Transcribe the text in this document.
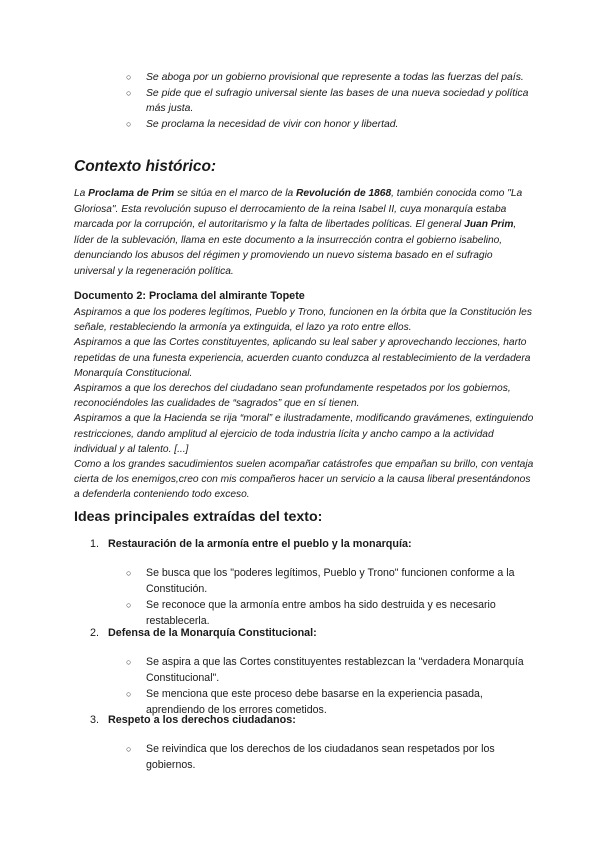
○ Se aboga por un gobierno provisional que represente a todas las fuerzas del país.
○ Se pide que el sufragio universal siente las bases de una nueva sociedad y política más justa.
○ Se proclama la necesidad de vivir con honor y libertad.
Contexto histórico:

La Proclama de Prim se sitúa en el marco de la Revolución de 1868, también conocida como "La Gloriosa". Esta revolución supuso el derrocamiento de la reina Isabel II, cuya monarquía estaba marcada por la corrupción, el autoritarismo y la falta de libertades políticas. El general Juan Prim, líder de la sublevación, llama en este documento a la insurrección contra el gobierno isabelino, denunciando los abusos del régimen y promoviendo un nuevo sistema basado en el sufragio universal y la regeneración política.

Documento 2: Proclama del almirante Topete

Aspiramos a que los poderes legítimos, Pueblo y Trono, funcionen en la órbita que la Constitución les señale, restableciendo la armonía ya extinguida, el lazo ya roto entre ellos.

Aspiramos a que las Cortes constituyentes, aplicando su leal saber y aprovechando lecciones, harto repetidas de una funesta experiencia, acuerden cuanto conduzca al restablecimiento de la verdadera Monarquía Constitucional.

Aspiramos a que los derechos del ciudadano sean profundamente respetados por los gobiernos, reconociéndoles las cualidades de “sagrados” que en sí tienen.

Aspiramos a que la Hacienda se rija “moral” e ilustradamente, modificando gravámenes, extinguiendo restricciones, dando amplitud al ejercicio de toda industria lícita y ancho campo a la actividad individual y al talento. [...]

Como a los grandes sacudimientos suelen acompañar catástrofes que empañan su brillo, con ventaja cierta de los enemigos,creo con mis compañeros hacer un servicio a la causa liberal presentándonos a defenderla conteniendo todo exceso.

Ideas principales extraídas del texto:
1. Restauración de la armonía entre el pueblo y la monarquía:
○ Se busca que los "poderes legítimos, Pueblo y Trono" funcionen conforme a la Constitución.
○ Se reconoce que la armonía entre ambos ha sido destruida y es necesario restablecerla.
2. Defensa de la Monarquía Constitucional:
○ Se aspira a que las Cortes constituyentes restablezcan la "verdadera Monarquía Constitucional".
○ Se menciona que este proceso debe basarse en la experiencia pasada, aprendiendo de los errores cometidos.
3. Respeto a los derechos ciudadanos:
○ Se reivindica que los derechos de los ciudadanos sean respetados por los gobiernos.
